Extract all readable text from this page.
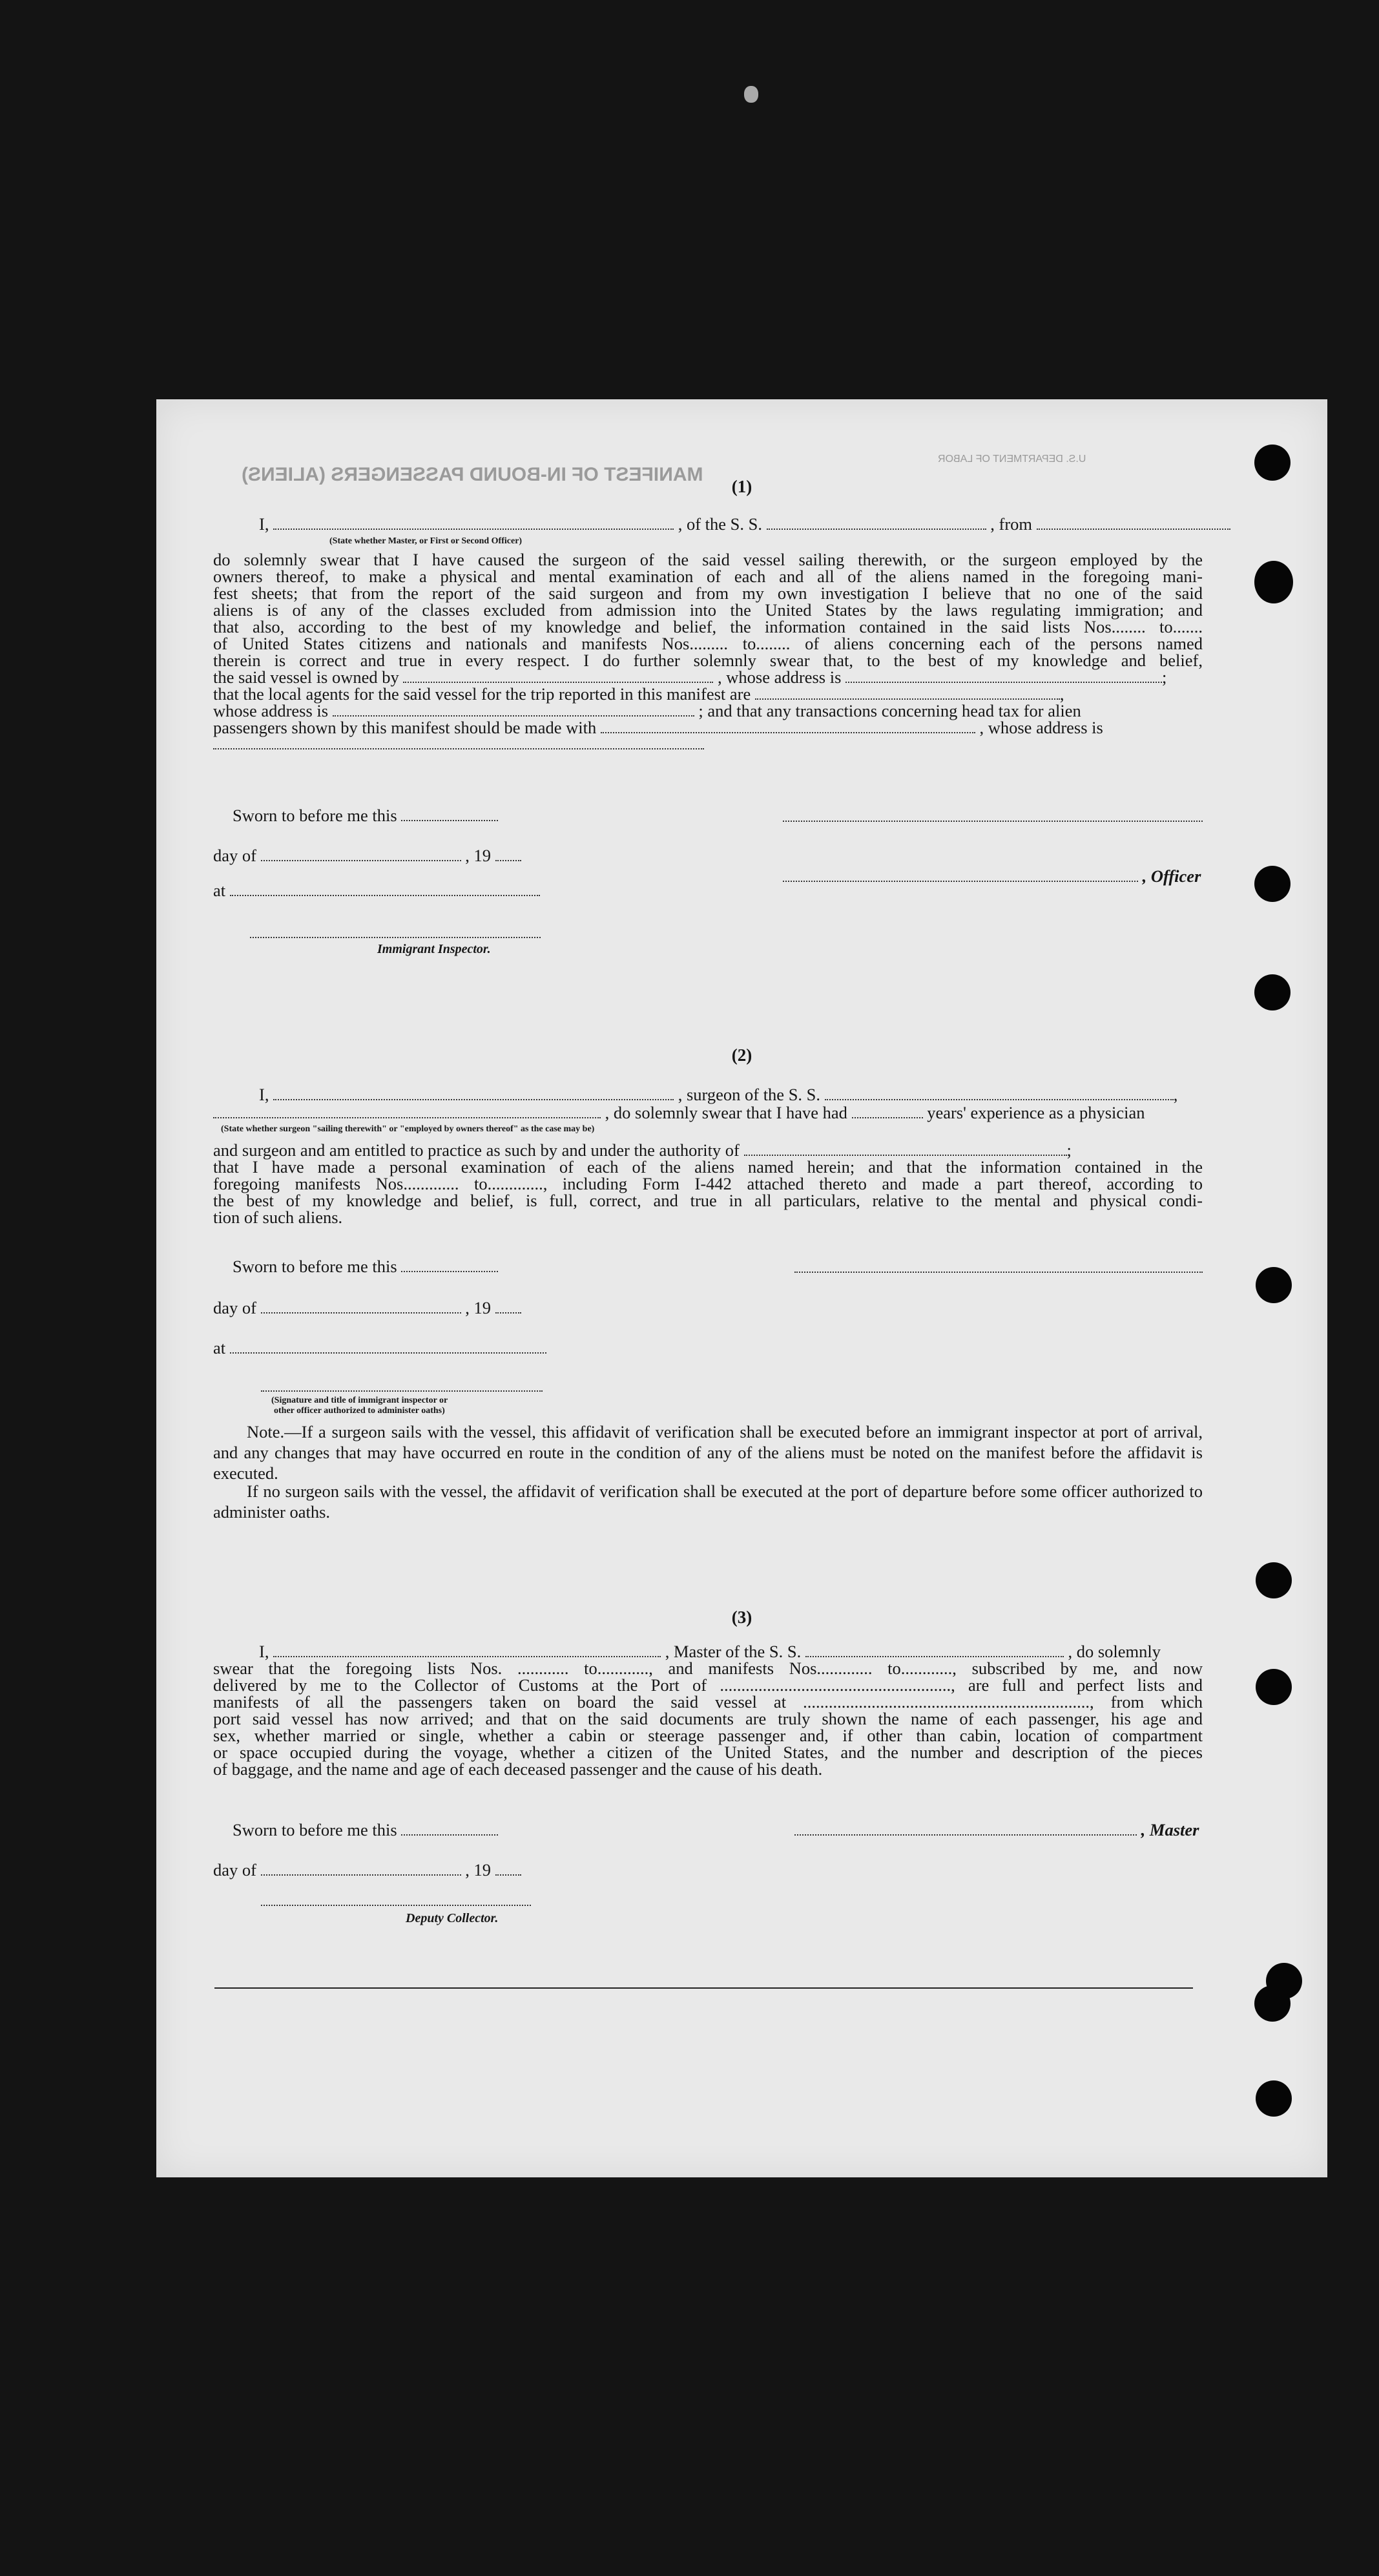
MANIFEST OF IN-BOUND PASSENGERS (ALIENS)
U.S. DEPARTMENT OF LABOR
(1)
I,	, of the S. S.	, from
(State whether Master, or First or Second Officer)
do solemnly swear that I have caused the surgeon of the said vessel sailing therewith, or the surgeon employed by the
owners thereof, to make a physical and mental examination of each and all of the aliens named in the foregoing mani-
fest sheets; that from the report of the said surgeon and from my own investigation I believe that no one of the said
aliens is of any of the classes excluded from admission into the United States by the laws regulating immigration; and
that also, according to the best of my knowledge and belief, the information contained in the said lists Nos........ to.......
of United States citizens and nationals and manifests Nos......... to........ of aliens concerning each of the persons named
therein is correct and true in every respect. I do further solemnly swear that, to the best of my knowledge and belief,
the said vessel is owned by	, whose address is	;
that the local agents for the said vessel for the trip reported in this manifest are	,
whose address is	; and that any transactions concerning head tax for alien
passengers shown by this manifest should be made with	, whose address is
Sworn to before me this
day of	, 19
, Officer
at
Immigrant Inspector.
(2)
I,	, surgeon of the S. S.	,
, do solemnly swear that I have had	years' experience as a physician
(State whether surgeon "sailing therewith" or "employed by owners thereof" as the case may be)
and surgeon and am entitled to practice as such by and under the authority of	;
that I have made a personal examination of each of the aliens named herein; and that the information contained in the
foregoing manifests Nos............. to............., including Form I-442 attached thereto and made a part thereof, according to
the best of my knowledge and belief, is full, correct, and true in all particulars, relative to the mental and physical condi-
tion of such aliens.
Sworn to before me this
day of	, 19
at
(Signature and title of immigrant inspector or
other officer authorized to administer oaths)
Note.—If a surgeon sails with the vessel, this affidavit of verification shall be executed before an immigrant inspector at port of arrival, and any changes that may have occurred en route in the condition of any of the aliens must be noted on the manifest before the affidavit is executed.
If no surgeon sails with the vessel, the affidavit of verification shall be executed at the port of departure before some officer authorized to administer oaths.
(3)
I,	, Master of the S. S.	, do solemnly
swear that the foregoing lists Nos. ............ to............, and manifests Nos............. to............, subscribed by me, and now
delivered by me to the Collector of Customs at the Port of ......................................................, are full and perfect lists and
manifests of all the passengers taken on board the said vessel at ..................................................................., from which
port said vessel has now arrived; and that on the said documents are truly shown the name of each passenger, his age and
sex, whether married or single, whether a cabin or steerage passenger and, if other than cabin, location of compartment
or space occupied during the voyage, whether a citizen of the United States, and the number and description of the pieces
of baggage, and the name and age of each deceased passenger and the cause of his death.
Sworn to before me this	, Master
day of	, 19
Deputy Collector.
